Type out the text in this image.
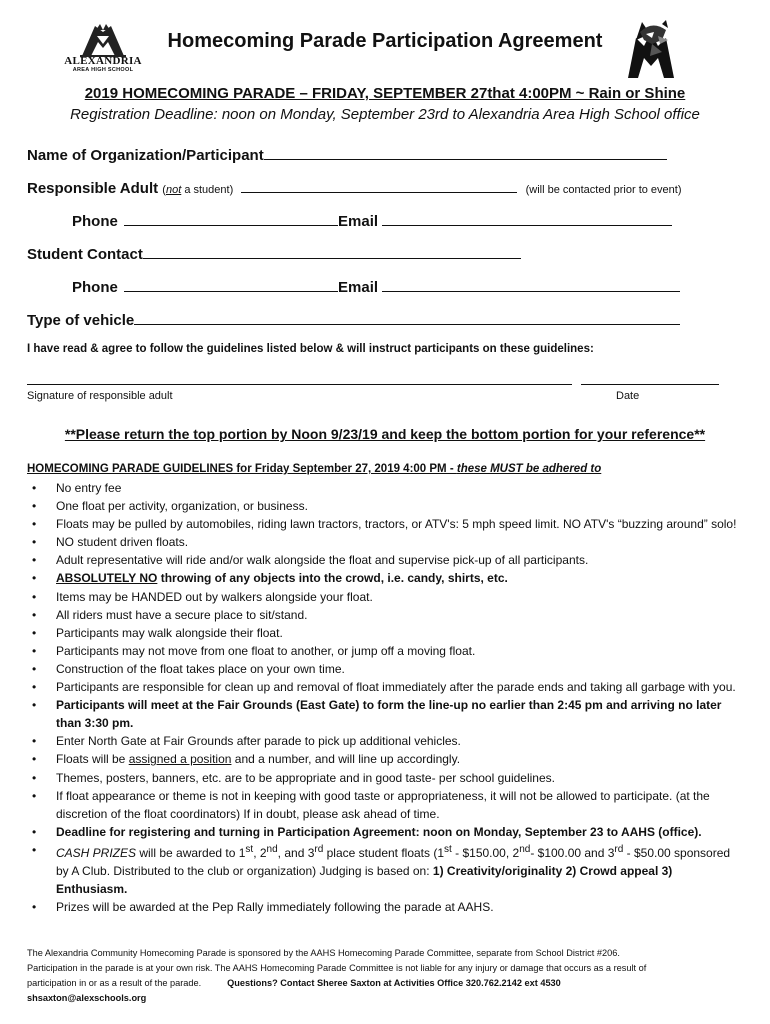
ALEXANDRIA
AREA HIGH SCHOOL
Homecoming Parade Participation Agreement
2019 HOMECOMING PARADE – FRIDAY, SEPTEMBER 27that 4:00PM ~ Rain or Shine
Registration Deadline: noon on Monday, September 23rd to Alexandria Area High School office
Name of Organization/Participant
Responsible Adult (not a student)	(will be contacted prior to event)
Phone	Email
Student Contact
Phone	Email
Type of vehicle
I have read & agree to follow the guidelines listed below & will instruct participants on these guidelines:
Signature of responsible adult	Date
**Please return the top portion by Noon 9/23/19 and keep the bottom portion for your reference**
HOMECOMING PARADE GUIDELINES for Friday September 27, 2019 4:00 PM - these MUST be adhered to
• No entry fee
• One float per activity, organization, or business.
• Floats may be pulled by automobiles, riding lawn tractors, tractors, or ATV's: 5 mph speed limit. NO ATV's “buzzing around” solo!
• NO student driven floats.
• Adult representative will ride and/or walk alongside the float and supervise pick-up of all participants.
• ABSOLUTELY NO throwing of any objects into the crowd, i.e. candy, shirts, etc.
• Items may be HANDED out by walkers alongside your float.
• All riders must have a secure place to sit/stand.
• Participants may walk alongside their float.
• Participants may not move from one float to another, or jump off a moving float.
• Construction of the float takes place on your own time.
• Participants are responsible for clean up and removal of float immediately after the parade ends and taking all garbage with you.
• Participants will meet at the Fair Grounds (East Gate) to form the line-up no earlier than 2:45 pm and arriving no later than 3:30 pm.
• Enter North Gate at Fair Grounds after parade to pick up additional vehicles.
• Floats will be assigned a position and a number, and will line up accordingly.
• Themes, posters, banners, etc. are to be appropriate and in good taste- per school guidelines.
• If float appearance or theme is not in keeping with good taste or appropriateness, it will not be allowed to participate. (at the discretion of the float coordinators) If in doubt, please ask ahead of time.
• Deadline for registering and turning in Participation Agreement: noon on Monday, September 23 to AAHS (office).
• CASH PRIZES will be awarded to 1st, 2nd, and 3rd place student floats (1st - $150.00, 2nd- $100.00 and 3rd - $50.00 sponsored by A Club. Distributed to the club or organization) Judging is based on: 1) Creativity/originality 2) Crowd appeal 3) Enthusiasm.
• Prizes will be awarded at the Pep Rally immediately following the parade at AAHS.
The Alexandria Community Homecoming Parade is sponsored by the AAHS Homecoming Parade Committee, separate from School District #206.
Participation in the parade is at your own risk. The AAHS Homecoming Parade Committee is not liable for any injury or damage that occurs as a result of
participation in or as a result of the parade.	Questions? Contact Sheree Saxton at Activities Office 320.762.2142 ext 4530
shsaxton@alexschools.org
